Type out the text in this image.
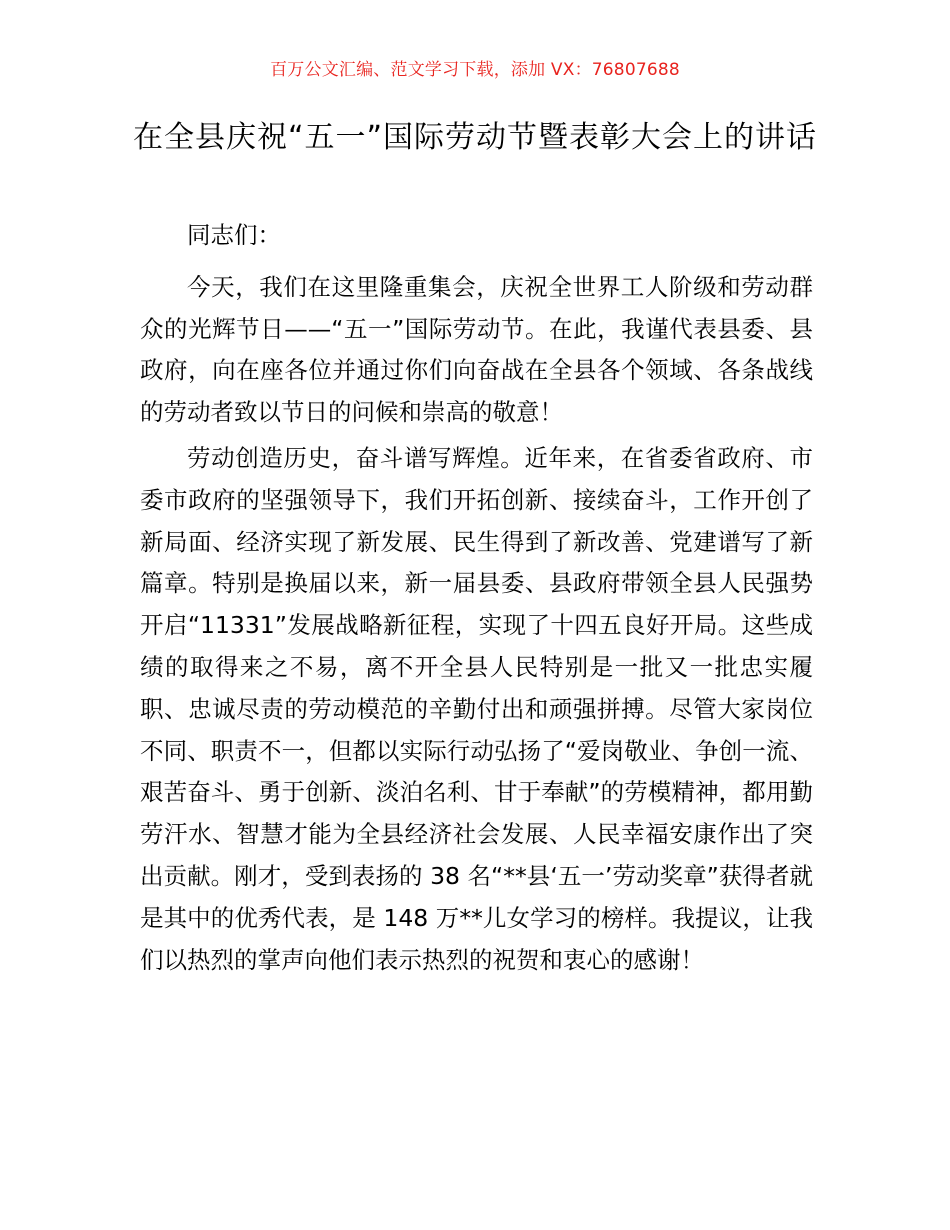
百万公文汇编、范文学习下载，添加 VX：76807688
在全县庆祝“五一”国际劳动节暨表彰大会上的讲话

同志们：

今天，我们在这里隆重集会，庆祝全世界工人阶级和劳动群众的光辉节日——“五一”国际劳动节。在此，我谨代表县委、县政府，向在座各位并通过你们向奋战在全县各个领域、各条战线的劳动者致以节日的问候和崇高的敬意！

劳动创造历史，奋斗谱写辉煌。近年来，在省委省政府、市委市政府的坚强领导下，我们开拓创新、接续奋斗，工作开创了新局面、经济实现了新发展、民生得到了新改善、党建谱写了新篇章。特别是换届以来，新一届县委、县政府带领全县人民强势开启“11331”发展战略新征程，实现了十四五良好开局。这些成绩的取得来之不易，离不开全县人民特别是一批又一批忠实履职、忠诚尽责的劳动模范的辛勤付出和顽强拼搏。尽管大家岗位不同、职责不一，但都以实际行动弘扬了“爱岗敬业、争创一流、艰苦奋斗、勇于创新、淡泊名利、甘于奉献”的劳模精神，都用勤劳汗水、智慧才能为全县经济社会发展、人民幸福安康作出了突出贡献。刚才，受到表扬的 38 名“**县‘五一’劳动奖章”获得者就是其中的优秀代表，是 148 万**儿女学习的榜样。我提议，让我们以热烈的掌声向他们表示热烈的祝贺和衷心的感谢！
